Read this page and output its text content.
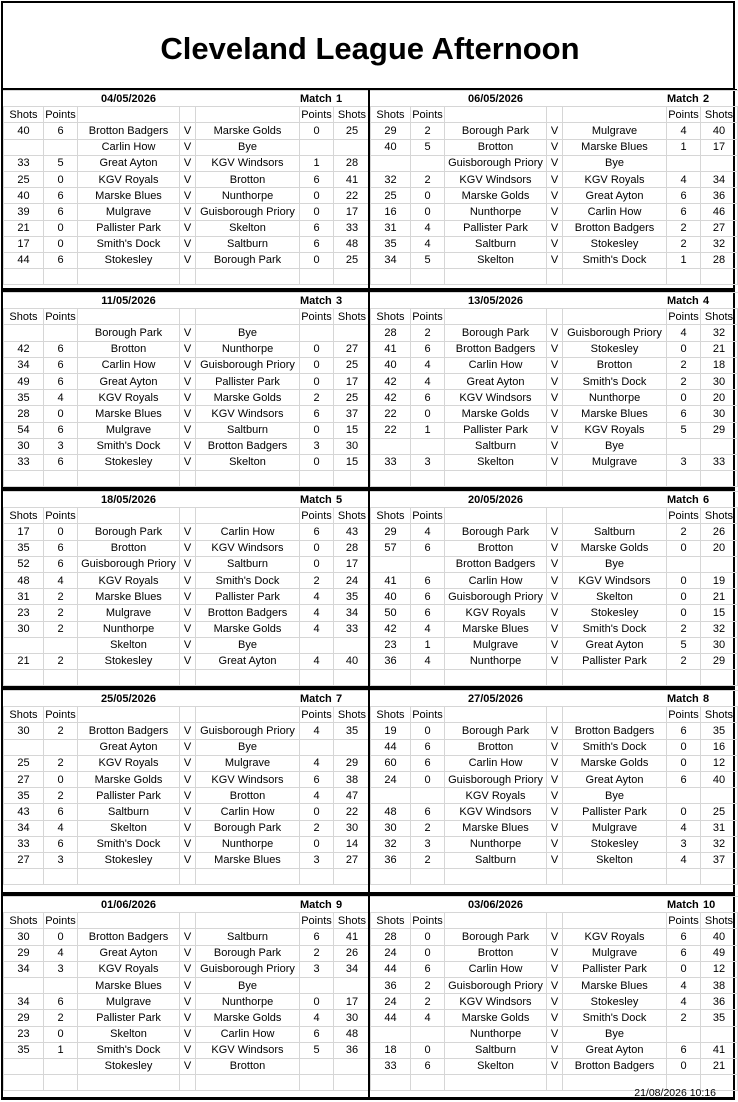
Cleveland League Afternoon
		04/05/2026			Match	1
Shots	Points				Points	Shots
40	6	Brotton Badgers	V	Marske Golds	0	25
		Carlin How	V	Bye		
33	5	Great Ayton	V	KGV Windsors	1	28
25	0	KGV Royals	V	Brotton	6	41
40	6	Marske Blues	V	Nunthorpe	0	22
39	6	Mulgrave	V	Guisborough Priory	0	17
21	0	Pallister Park	V	Skelton	6	33
17	0	Smith's Dock	V	Saltburn	6	48
44	6	Stokesley	V	Borough Park	0	25

		06/05/2026			Match	2
Shots	Points				Points	Shots
29	2	Borough Park	V	Mulgrave	4	40
40	5	Brotton	V	Marske Blues	1	17
		Guisborough Priory	V	Bye		
32	2	KGV Windsors	V	KGV Royals	4	34
25	0	Marske Golds	V	Great Ayton	6	36
16	0	Nunthorpe	V	Carlin How	6	46
31	4	Pallister Park	V	Brotton Badgers	2	27
35	4	Saltburn	V	Stokesley	2	32
34	5	Skelton	V	Smith's Dock	1	28

		11/05/2026			Match	3
Shots	Points				Points	Shots
		Borough Park	V	Bye		
42	6	Brotton	V	Nunthorpe	0	27
34	6	Carlin How	V	Guisborough Priory	0	25
49	6	Great Ayton	V	Pallister Park	0	17
35	4	KGV Royals	V	Marske Golds	2	25
28	0	Marske Blues	V	KGV Windsors	6	37
54	6	Mulgrave	V	Saltburn	0	15
30	3	Smith's Dock	V	Brotton Badgers	3	30
33	6	Stokesley	V	Skelton	0	15

		13/05/2026			Match	4
Shots	Points				Points	Shots
28	2	Borough Park	V	Guisborough Priory	4	32
41	6	Brotton Badgers	V	Stokesley	0	21
40	4	Carlin How	V	Brotton	2	18
42	4	Great Ayton	V	Smith's Dock	2	30
42	6	KGV Windsors	V	Nunthorpe	0	20
22	0	Marske Golds	V	Marske Blues	6	30
22	1	Pallister Park	V	KGV Royals	5	29
		Saltburn	V	Bye		
33	3	Skelton	V	Mulgrave	3	33

		18/05/2026			Match	5
Shots	Points				Points	Shots
17	0	Borough Park	V	Carlin How	6	43
35	6	Brotton	V	KGV Windsors	0	28
52	6	Guisborough Priory	V	Saltburn	0	17
48	4	KGV Royals	V	Smith's Dock	2	24
31	2	Marske Blues	V	Pallister Park	4	35
23	2	Mulgrave	V	Brotton Badgers	4	34
30	2	Nunthorpe	V	Marske Golds	4	33
		Skelton	V	Bye		
21	2	Stokesley	V	Great Ayton	4	40

		20/05/2026			Match	6
Shots	Points				Points	Shots
29	4	Borough Park	V	Saltburn	2	26
57	6	Brotton	V	Marske Golds	0	20
		Brotton Badgers	V	Bye		
41	6	Carlin How	V	KGV Windsors	0	19
40	6	Guisborough Priory	V	Skelton	0	21
50	6	KGV Royals	V	Stokesley	0	15
42	4	Marske Blues	V	Smith's Dock	2	32
23	1	Mulgrave	V	Great Ayton	5	30
36	4	Nunthorpe	V	Pallister Park	2	29

		25/05/2026			Match	7
Shots	Points				Points	Shots
30	2	Brotton Badgers	V	Guisborough Priory	4	35
		Great Ayton	V	Bye		
25	2	KGV Royals	V	Mulgrave	4	29
27	0	Marske Golds	V	KGV Windsors	6	38
35	2	Pallister Park	V	Brotton	4	47
43	6	Saltburn	V	Carlin How	0	22
34	4	Skelton	V	Borough Park	2	30
33	6	Smith's Dock	V	Nunthorpe	0	14
27	3	Stokesley	V	Marske Blues	3	27

		27/05/2026			Match	8
Shots	Points				Points	Shots
19	0	Borough Park	V	Brotton Badgers	6	35
44	6	Brotton	V	Smith's Dock	0	16
60	6	Carlin How	V	Marske Golds	0	12
24	0	Guisborough Priory	V	Great Ayton	6	40
		KGV Royals	V	Bye		
48	6	KGV Windsors	V	Pallister Park	0	25
30	2	Marske Blues	V	Mulgrave	4	31
32	3	Nunthorpe	V	Stokesley	3	32
36	2	Saltburn	V	Skelton	4	37

		01/06/2026			Match	9
Shots	Points				Points	Shots
30	0	Brotton Badgers	V	Saltburn	6	41
29	4	Great Ayton	V	Borough Park	2	26
34	3	KGV Royals	V	Guisborough Priory	3	34
		Marske Blues	V	Bye		
34	6	Mulgrave	V	Nunthorpe	0	17
29	2	Pallister Park	V	Marske Golds	4	30
23	0	Skelton	V	Carlin How	6	48
35	1	Smith's Dock	V	KGV Windsors	5	36
		Stokesley	V	Brotton		

		03/06/2026			Match	10
Shots	Points				Points	Shots
28	0	Borough Park	V	KGV Royals	6	40
24	0	Brotton	V	Mulgrave	6	49
44	6	Carlin How	V	Pallister Park	0	12
36	2	Guisborough Priory	V	Marske Blues	4	38
24	2	KGV Windsors	V	Stokesley	4	36
44	4	Marske Golds	V	Smith's Dock	2	35
		Nunthorpe	V	Bye		
18	0	Saltburn	V	Great Ayton	6	41
33	6	Skelton	V	Brotton Badgers	0	21

21/08/2026 10:16
